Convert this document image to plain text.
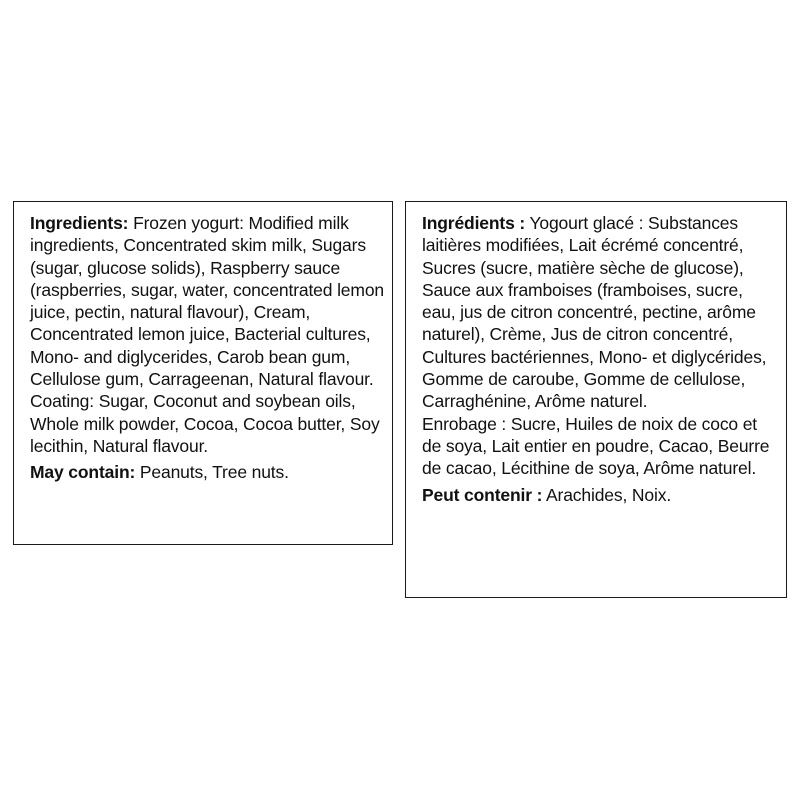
Ingredients: Frozen yogurt: Modified milk ingredients, Concentrated skim milk, Sugars (sugar, glucose solids), Raspberry sauce (raspberries, sugar, water, concentrated lemon juice, pectin, natural flavour), Cream, Concentrated lemon juice, Bacterial cultures, Mono- and diglycerides, Carob bean gum, Cellulose gum, Carrageenan, Natural flavour. Coating: Sugar, Coconut and soybean oils, Whole milk powder, Cocoa, Cocoa butter, Soy lecithin, Natural flavour.

May contain: Peanuts, Tree nuts.

Ingrédients : Yogourt glacé : Substances laitières modifiées, Lait écrémé concentré, Sucres (sucre, matière sèche de glucose), Sauce aux framboises (framboises, sucre, eau, jus de citron concentré, pectine, arôme naturel), Crème, Jus de citron concentré, Cultures bactériennes, Mono- et diglycérides, Gomme de caroube, Gomme de cellulose, Carraghénine, Arôme naturel.

Enrobage : Sucre, Huiles de noix de coco et de soya, Lait entier en poudre, Cacao, Beurre de cacao, Lécithine de soya, Arôme naturel.

Peut contenir : Arachides, Noix.
